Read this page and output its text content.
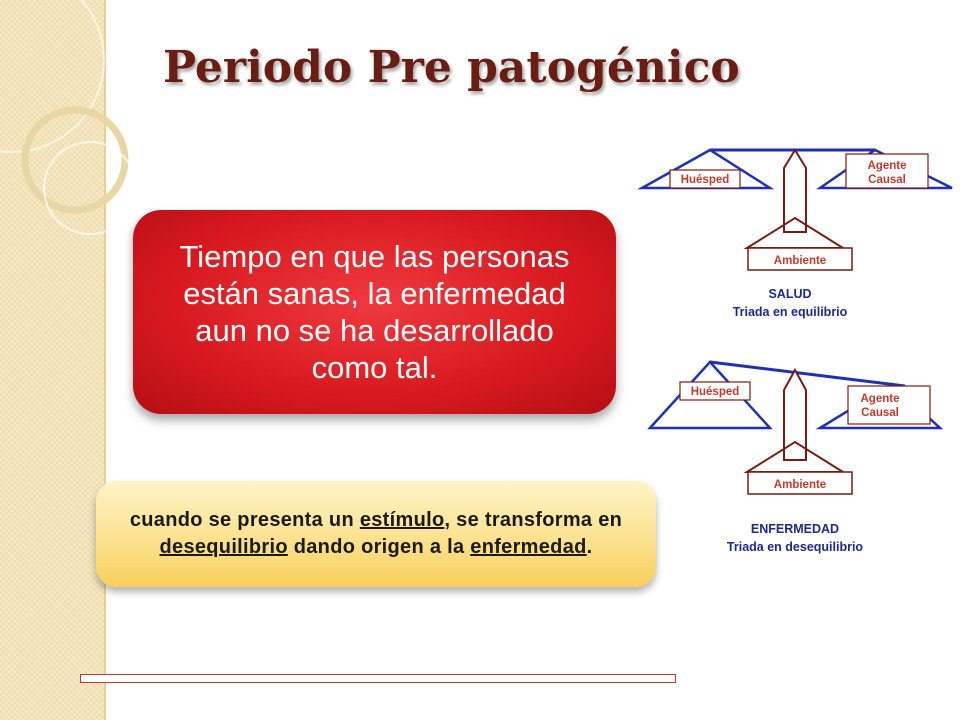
Periodo Pre patogénico
Tiempo en que las personas están sanas, la enfermedad aun no se ha desarrollado como tal.
cuando se presenta un estímulo, se transforma en desequilibrio dando origen a la enfermedad.
Huésped
Agente
Causal
Ambiente
SALUD
Triada en equilibrio
Huésped
Agente
Causal
Ambiente
ENFERMEDAD
Triada en desequilibrio
